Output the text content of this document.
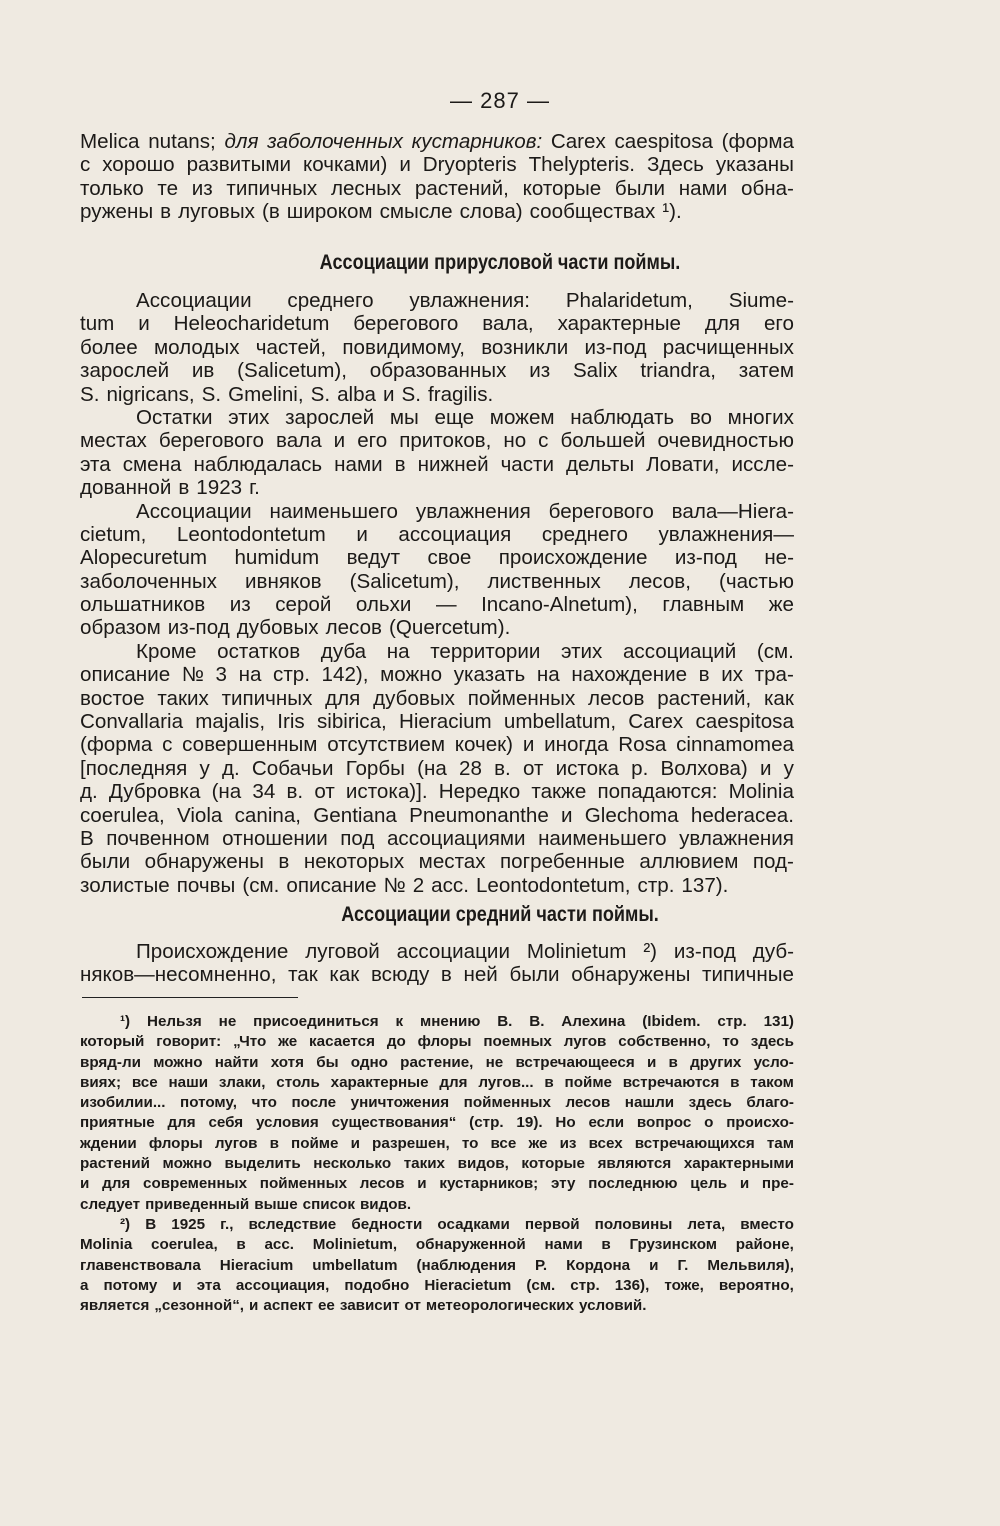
— 287 —
Melica nutans; для заболоченных кустарников: Carex caespitosa (форма
с хорошо развитыми кочками) и Dryopteris Thelypteris. Здесь указаны
только те из типичных лесных растений, которые были нами обна-
ружены в луговых (в широком смысле слова) сообществах ¹).
Ассоциации прирусловой части поймы.
Ассоциации среднего увлажнения: Phalaridetum, Siume-
tum и Heleocharidetum берегового вала, характерные для его
более молодых частей, повидимому, возникли из-под расчищенных
зарослей ив (Salicetum), образованных из Salix triandra, затем
S. nigricans, S. Gmelini, S. alba и S. fragilis.
Остатки этих зарослей мы еще можем наблюдать во многих
местах берегового вала и его притоков, но с большей очевидностью
эта смена наблюдалась нами в нижней части дельты Ловати, иссле-
дованной в 1923 г.
Ассоциации наименьшего увлажнения берегового вала—Hiera-
cietum, Leontodontetum и ассоциация среднего увлажнения—
Alopecuretum humidum ведут свое происхождение из-под не-
заболоченных ивняков (Salicetum), лиственных лесов, (частью
ольшатников из серой ольхи — Incano-Alnetum), главным же
образом из-под дубовых лесов (Quercetum).
Кроме остатков дуба на территории этих ассоциаций (см.
описание № 3 на стр. 142), можно указать на нахождение в их тра-
востое таких типичных для дубовых пойменных лесов растений, как
Convallaria majalis, Iris sibirica, Hieracium umbellatum, Carex caespitosa
(форма с совершенным отсутствием кочек) и иногда Rosa cinnamomea
[последняя у д. Собачьи Горбы (на 28 в. от истока р. Волхова) и у
д. Дубровка (на 34 в. от истока)]. Нередко также попадаются: Molinia
coerulea, Viola canina, Gentiana Pneumonanthe и Glechoma hederacea.
В почвенном отношении под ассоциациями наименьшего увлажнения
были обнаружены в некоторых местах погребенные аллювием под-
золистые почвы (см. описание № 2 асс. Leontodontetum, стр. 137).
Ассоциации средний части поймы.
Происхождение луговой ассоциации Molinietum ²) из-под дуб-
няков—несомненно, так как всюду в ней были обнаружены типичные
¹) Нельзя не присоединиться к мнению В. В. Алехина (Ibidem. стр. 131)
который говорит: „Что же касается до флоры поемных лугов собственно, то здесь
вряд-ли можно найти хотя бы одно растение, не встречающееся и в других усло-
виях; все наши злаки, столь характерные для лугов... в пойме встречаются в таком
изобилии... потому, что после уничтожения пойменных лесов нашли здесь благо-
приятные для себя условия существования“ (стр. 19). Но если вопрос о происхо-
ждении флоры лугов в пойме и разрешен, то все же из всех встречающихся там
растений можно выделить несколько таких видов, которые являются характерными
и для современных пойменных лесов и кустарников; эту последнюю цель и пре-
следует приведенный выше список видов.
²) В 1925 г., вследствие бедности осадками первой половины лета, вместо
Molinia coerulea, в асс. Molinietum, обнаруженной нами в Грузинском районе,
главенствовала Hieracium umbellatum (наблюдения Р. Кордона и Г. Мельвиля),
а потому и эта ассоциация, подобно Hieracietum (см. стр. 136), тоже, вероятно,
является „сезонной“, и аспект ее зависит от метеорологических условий.
